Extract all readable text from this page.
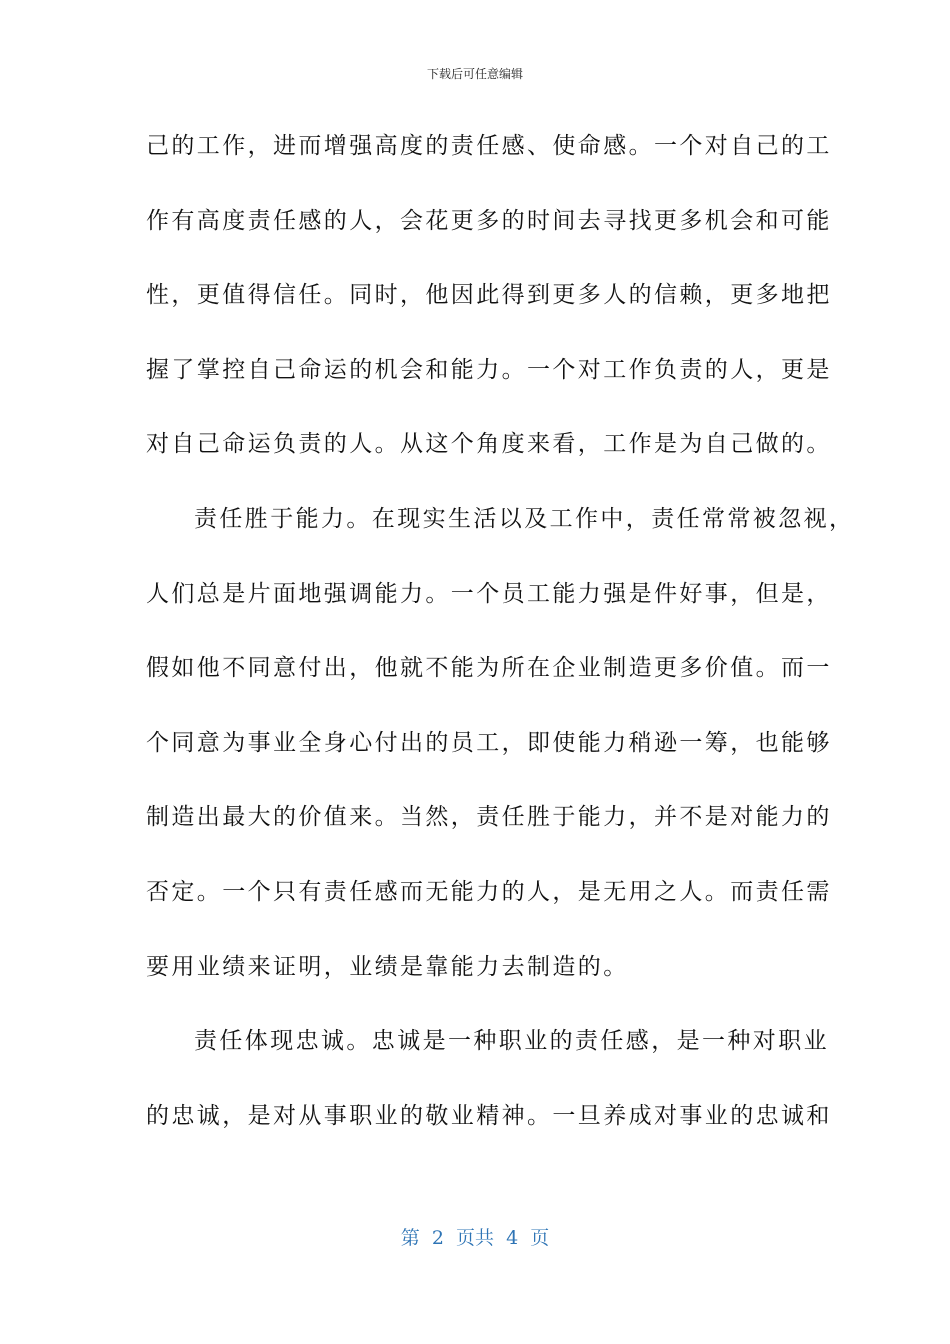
下载后可任意编辑
己的工作，进而增强高度的责任感、使命感。一个对自己的工
作有高度责任感的人，会花更多的时间去寻找更多机会和可能
性，更值得信任。同时，他因此得到更多人的信赖，更多地把
握了掌控自己命运的机会和能力。一个对工作负责的人，更是
对自己命运负责的人。从这个角度来看，工作是为自己做的。
责任胜于能力。在现实生活以及工作中，责任常常被忽视，
人们总是片面地强调能力。一个员工能力强是件好事，但是，
假如他不同意付出，他就不能为所在企业制造更多价值。而一
个同意为事业全身心付出的员工，即使能力稍逊一筹，也能够
制造出最大的价值来。当然，责任胜于能力，并不是对能力的
否定。一个只有责任感而无能力的人，是无用之人。而责任需
要用业绩来证明，业绩是靠能力去制造的。
责任体现忠诚。忠诚是一种职业的责任感，是一种对职业
的忠诚，是对从事职业的敬业精神。一旦养成对事业的忠诚和
第  2  页共  4  页
